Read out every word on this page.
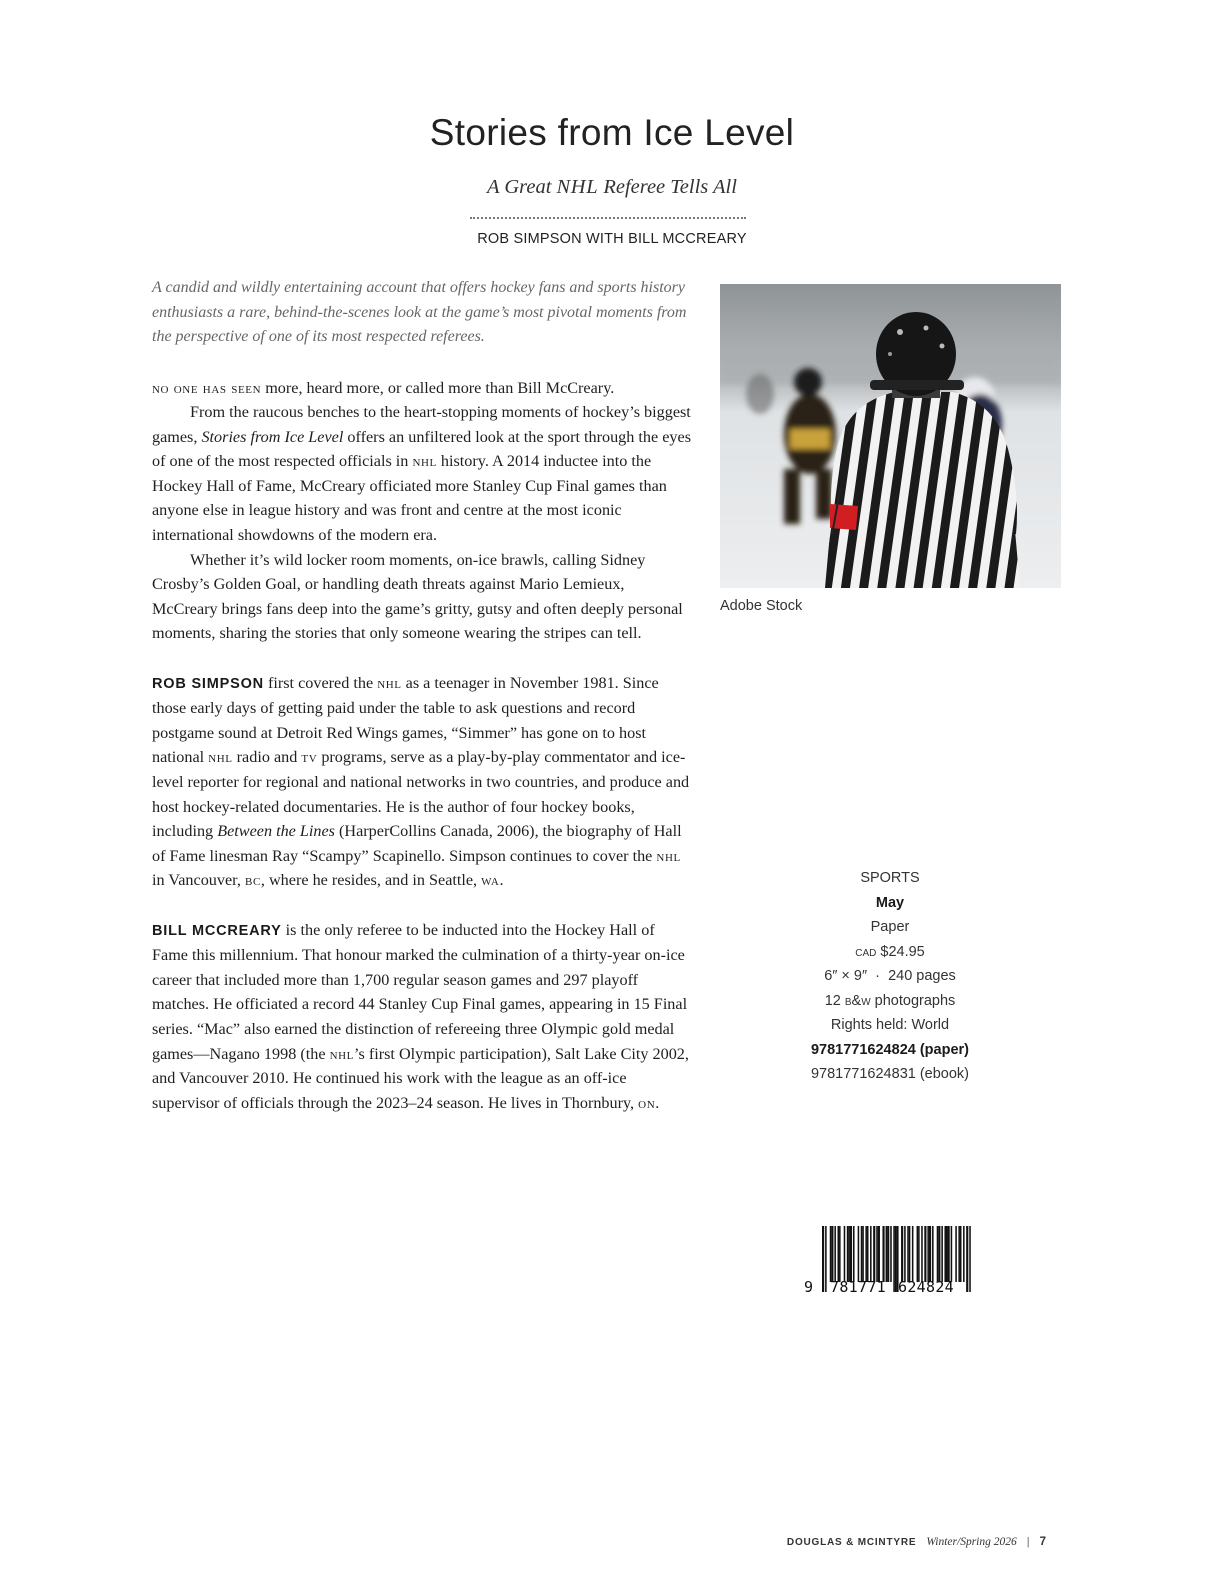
Stories from Ice Level

A Great NHL Referee Tells All

ROB SIMPSON WITH BILL MCCREARY

A candid and wildly entertaining account that offers hockey fans and sports history enthusiasts a rare, behind-the-scenes look at the game’s most pivotal moments from the perspective of one of its most respected referees.

no one has seen more, heard more, or called more than Bill McCreary.

From the raucous benches to the heart-stopping moments of hockey’s biggest games, Stories from Ice Level offers an unfiltered look at the sport through the eyes of one of the most respected officials in nhl history. A 2014 inductee into the Hockey Hall of Fame, McCreary officiated more Stanley Cup Final games than anyone else in league history and was front and centre at the most iconic international showdowns of the modern era.

Whether it’s wild locker room moments, on-ice brawls, calling Sidney Crosby’s Golden Goal, or handling death threats against Mario Lemieux, McCreary brings fans deep into the game’s gritty, gutsy and often deeply personal moments, sharing the stories that only someone wearing the stripes can tell.

ROB SIMPSON first covered the nhl as a teenager in November 1981. Since those early days of getting paid under the table to ask questions and record postgame sound at Detroit Red Wings games, “Simmer” has gone on to host national nhl radio and tv programs, serve as a play-by-play commentator and ice-level reporter for regional and national networks in two countries, and produce and host hockey-related documentaries. He is the author of four hockey books, including Between the Lines (HarperCollins Canada, 2006), the biography of Hall of Fame linesman Ray “Scampy” Scapinello. Simpson continues to cover the nhl in Vancouver, bc, where he resides, and in Seattle, wa.

BILL MCCREARY is the only referee to be inducted into the Hockey Hall of Fame this millennium. That honour marked the culmination of a thirty-year on-ice career that included more than 1,700 regular season games and 297 playoff matches. He officiated a record 44 Stanley Cup Final games, appearing in 15 Final series. “Mac” also earned the distinction of refereeing three Olympic gold medal games—Nagano 1998 (the nhl’s first Olympic participation), Salt Lake City 2002, and Vancouver 2010. He continued his work with the league as an off-ice supervisor of officials through the 2023–24 season. He lives in Thornbury, on.

Adobe Stock
SPORTS
May
Paper
cad $24.95
6″ × 9″  ·  240 pages
12 b&w photographs
Rights held: World
9781771624824 (paper)
9781771624831 (ebook)
9 781771 624824
DOUGLAS & MCINTYRE Winter/Spring 2026 | 7
